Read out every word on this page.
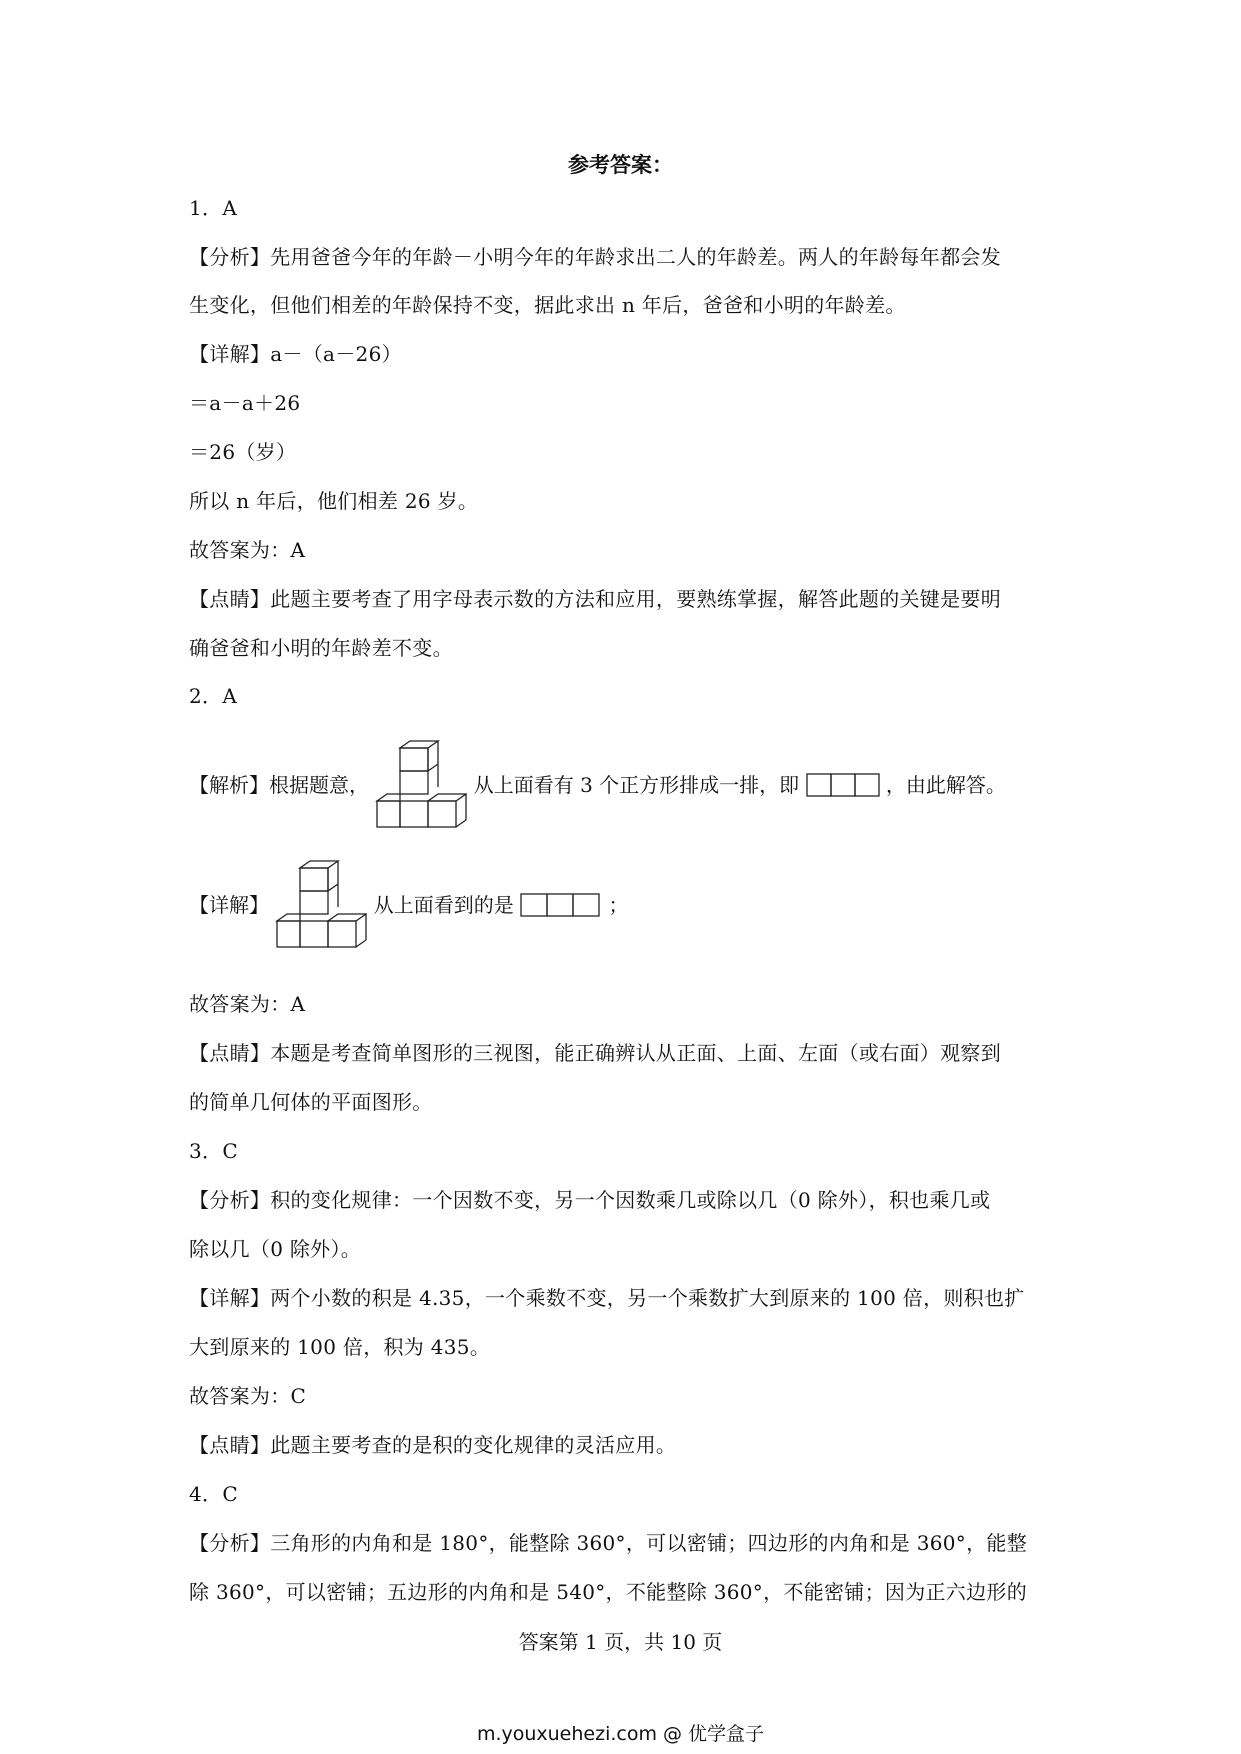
参考答案：
1．A
【分析】先用爸爸今年的年龄－小明今年的年龄求出二人的年龄差。两人的年龄每年都会发
生变化，但他们相差的年龄保持不变，据此求出 n 年后，爸爸和小明的年龄差。
【详解】a－（a－26）
＝a－a＋26
＝26（岁）
所以 n 年后，他们相差 26 岁。
故答案为：A
【点睛】此题主要考查了用字母表示数的方法和应用，要熟练掌握，解答此题的关键是要明
确爸爸和小明的年龄差不变。
2．A
【解析】根据题意，	从上面看有 3 个正方形排成一排，即	，由此解答。
【详解】	从上面看到的是	；
故答案为：A
【点睛】本题是考查简单图形的三视图，能正确辨认从正面、上面、左面（或右面）观察到
的简单几何体的平面图形。
3．C
【分析】积的变化规律：一个因数不变，另一个因数乘几或除以几（0 除外），积也乘几或
除以几（0 除外）。
【详解】两个小数的积是 4.35，一个乘数不变，另一个乘数扩大到原来的 100 倍，则积也扩
大到原来的 100 倍，积为 435。
故答案为：C
【点睛】此题主要考查的是积的变化规律的灵活应用。
4．C
【分析】三角形的内角和是 180°，能整除 360°，可以密铺；四边形的内角和是 360°，能整
除 360°，可以密铺；五边形的内角和是 540°，不能整除 360°，不能密铺；因为正六边形的
答案第 1 页，共 10 页
m.youxuehezi.com @ 优学盒子
